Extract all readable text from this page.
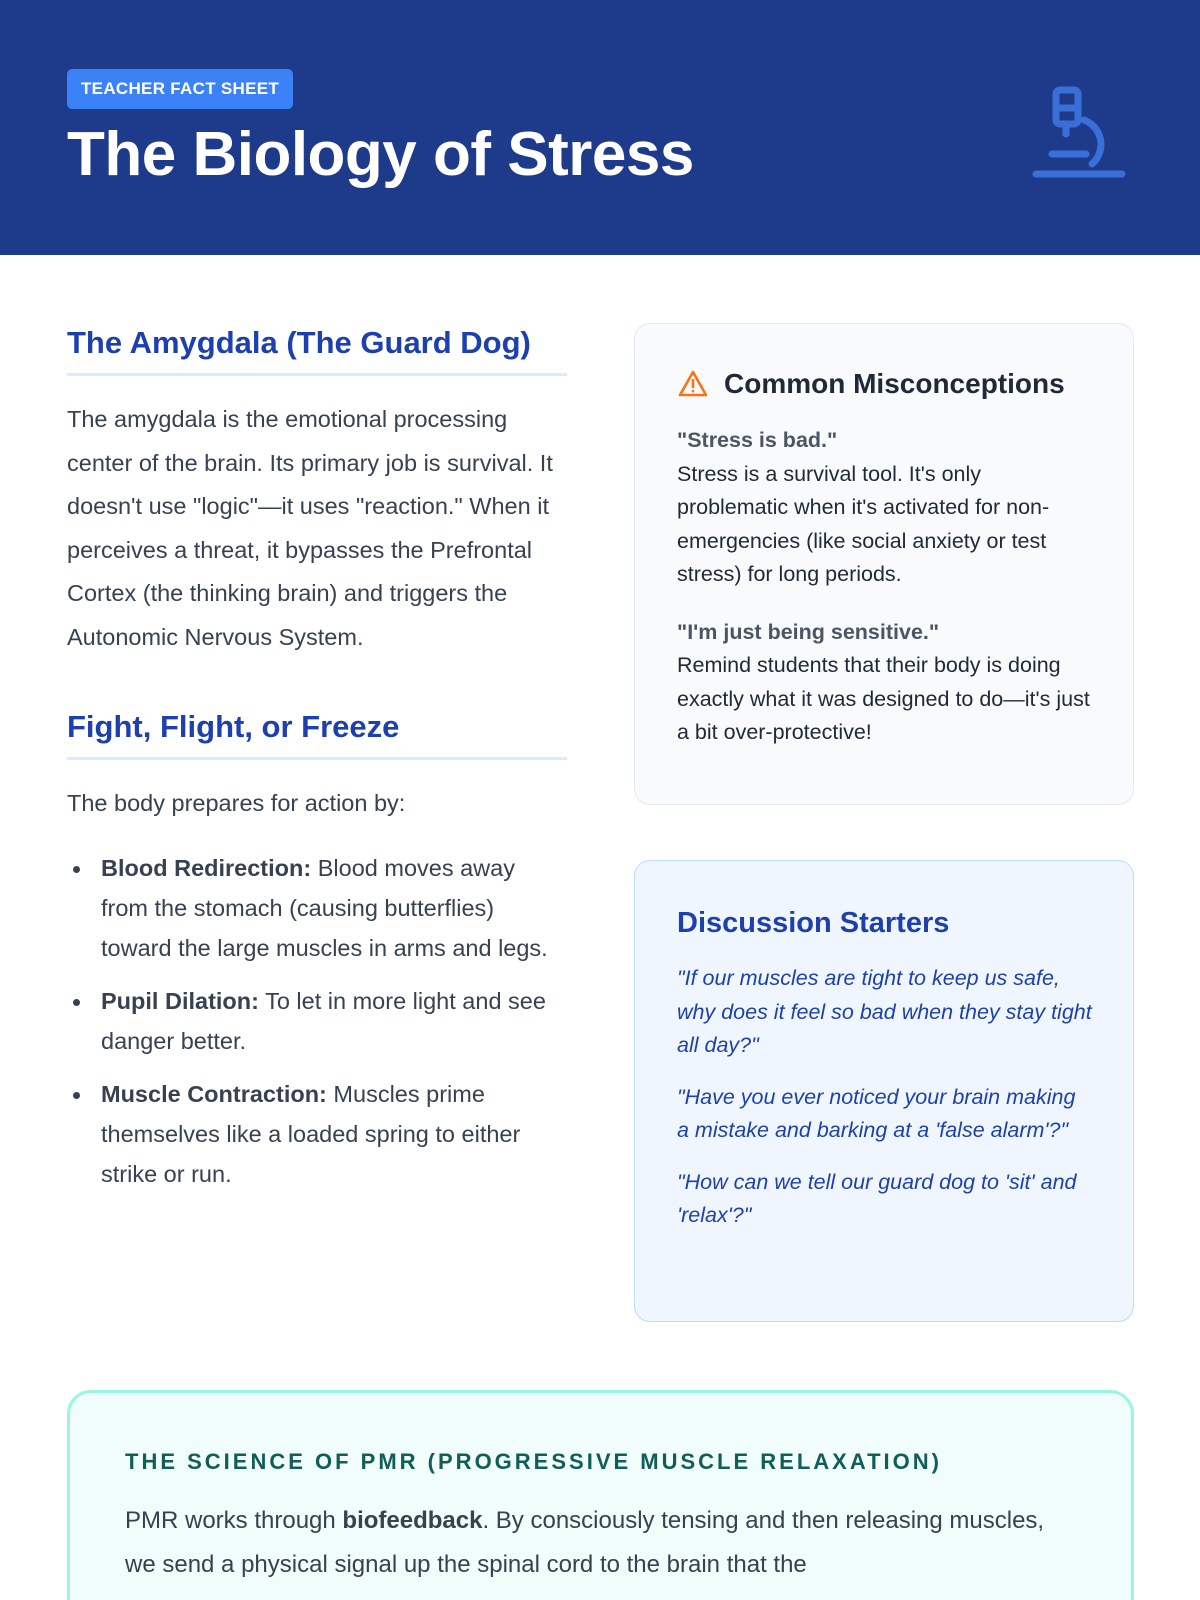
TEACHER FACT SHEET
The Biology of Stress
The Amygdala (The Guard Dog)

The amygdala is the emotional processing center of the brain. Its primary job is survival. It doesn't use "logic"—it uses "reaction." When it perceives a threat, it bypasses the Prefrontal Cortex (the thinking brain) and triggers the Autonomic Nervous System.

Fight, Flight, or Freeze

The body prepares for action by:

Blood Redirection: Blood moves away from the stomach (causing butterflies) toward the large muscles in arms and legs.
Pupil Dilation: To let in more light and see danger better.
Muscle Contraction: Muscles prime themselves like a loaded spring to either strike or run.
Common Misconceptions
"Stress is bad."
Stress is a survival tool. It's only problematic when it's activated for non-emergencies (like social anxiety or test stress) for long periods.
"I'm just being sensitive."
Remind students that their body is doing exactly what it was designed to do—it's just a bit over-protective!
Discussion Starters

"If our muscles are tight to keep us safe, why does it feel so bad when they stay tight all day?"

"Have you ever noticed your brain making a mistake and barking at a 'false alarm'?"

"How can we tell our guard dog to 'sit' and 'relax'?"

THE SCIENCE OF PMR (PROGRESSIVE MUSCLE RELAXATION)

PMR works through biofeedback. By consciously tensing and then releasing muscles, we send a physical signal up the spinal cord to the brain that the
